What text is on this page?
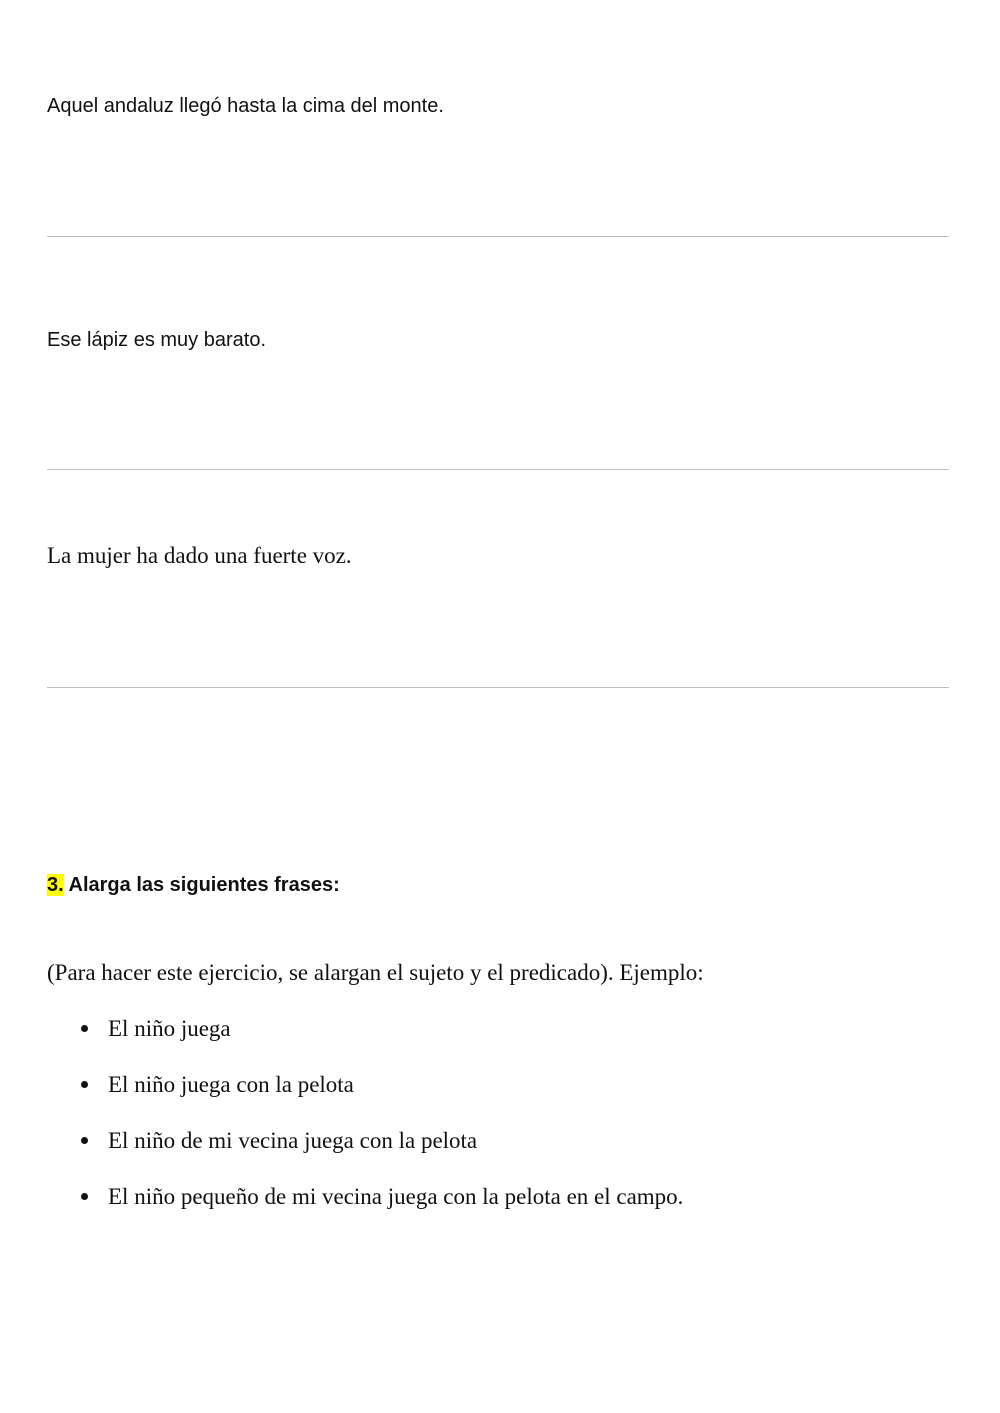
Aquel andaluz llegó hasta la cima del monte.
Ese lápiz es muy barato.
La mujer ha dado una fuerte voz.
3. Alarga las siguientes frases:
(Para hacer este ejercicio, se alargan el sujeto y el predicado). Ejemplo:
El niño juega
El niño juega con la pelota
El niño de mi vecina juega con la pelota
El niño pequeño de mi vecina juega con la pelota en el campo.
